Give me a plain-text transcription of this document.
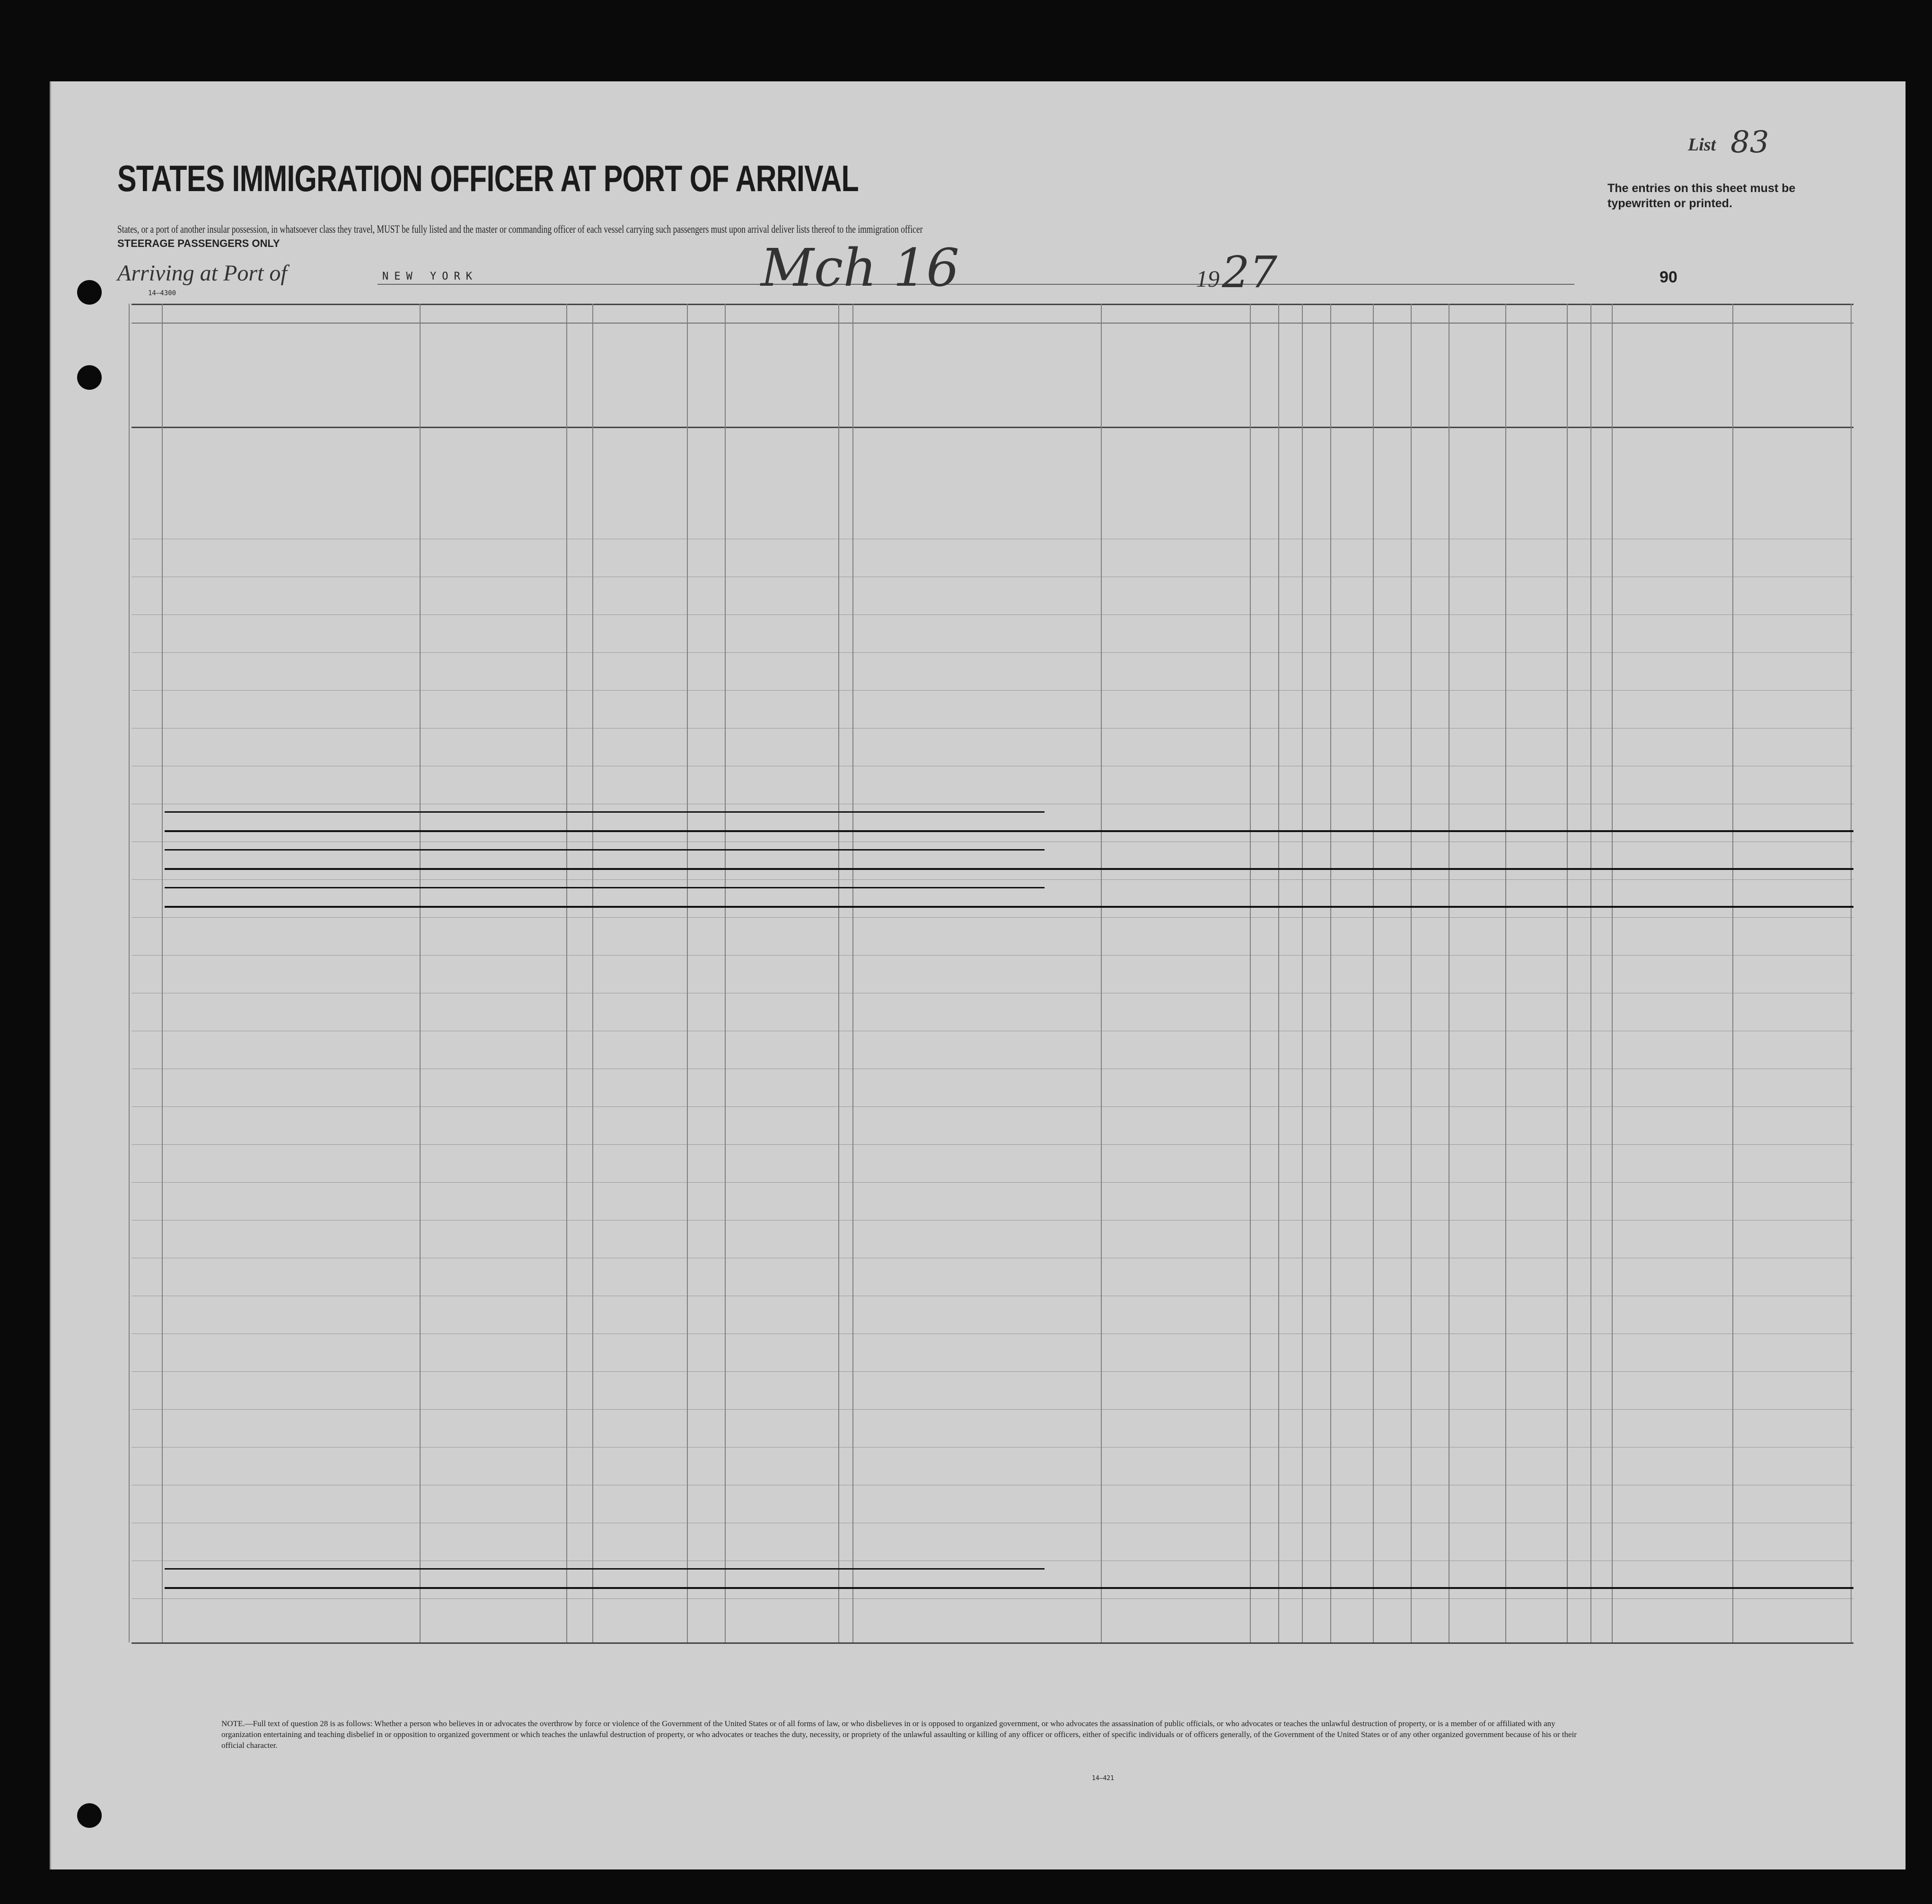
STATES IMMIGRATION OFFICER AT PORT OF ARRIVAL
States, or a port of another insular possession, in whatsoever class they travel, MUST be fully listed and the master or commanding officer of each vessel carrying such passengers must upon arrival deliver lists thereof to the immigration officer
STEERAGE PASSENGERS ONLY
List 83
The entries on this sheet must be typewritten or printed.
14—4300
Arriving at Port of	NEW YORK	Mch 16	19 27	90
NOTE.—Full text of question 28 is as follows: Whether a person who believes in or advocates the overthrow by force or violence of the Government of the United States or of all forms of law, or who disbelieves in or is opposed to organized government, or who advocates the assassination of public officials, or who advocates or teaches the unlawful destruction of property, or is a member of or affiliated with any organization entertaining and teaching disbelief in or opposition to organized government or which teaches the unlawful destruction of property, or who advocates or teaches the duty, necessity, or propriety of the unlawful assaulting or killing of any officer or officers, either of specific individuals or of officers generally, of the Government of the United States or of any other organized government because of his or their official character.
14—421
